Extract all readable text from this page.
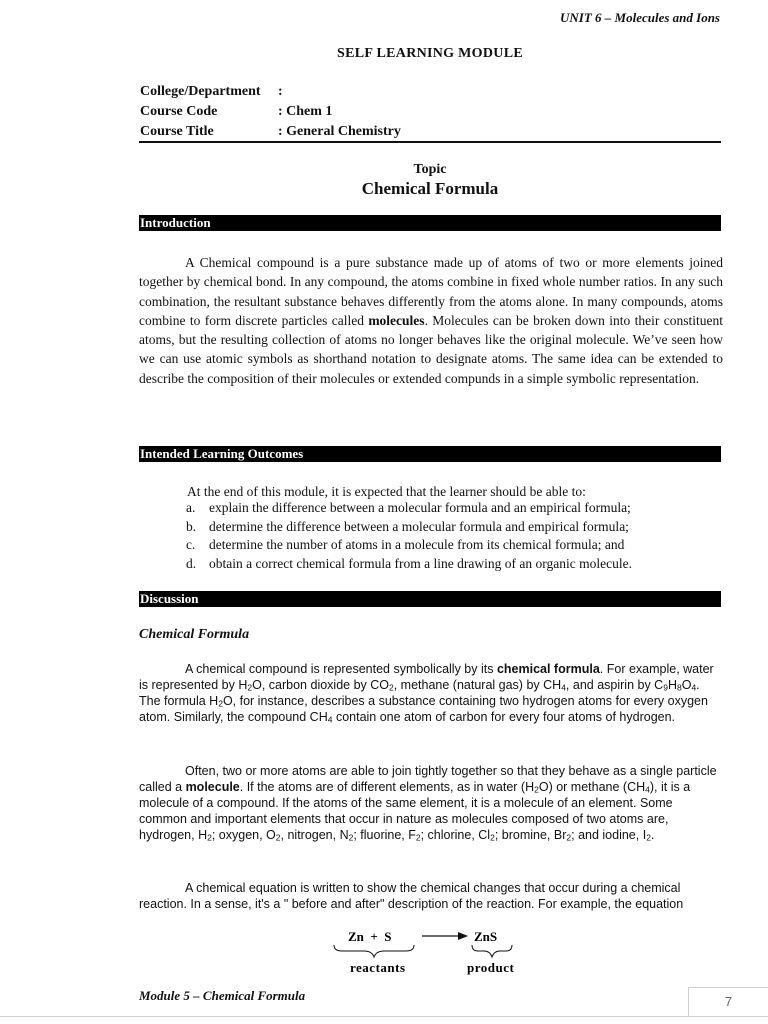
UNIT 6 – Molecules and Ions
SELF LEARNING MODULE
College/Department :
Course Code	: Chem 1
Course Title	: General Chemistry
Topic
Chemical Formula
Introduction
A Chemical compound is a pure substance made up of atoms of two or more elements joined together by chemical bond. In any compound, the atoms combine in fixed whole number ratios. In any such combination, the resultant substance behaves differently from the atoms alone. In many compounds, atoms combine to form discrete particles called molecules. Molecules can be broken down into their constituent atoms, but the resulting collection of atoms no longer behaves like the original molecule. We’ve seen how we can use atomic symbols as shorthand notation to designate atoms. The same idea can be extended to describe the composition of their molecules or extended compunds in a simple symbolic representation.
Intended Learning Outcomes
At the end of this module, it is expected that the learner should be able to:
a. explain the difference between a molecular formula and an empirical formula;
b. determine the difference between a molecular formula and empirical formula;
c. determine the number of atoms in a molecule from its chemical formula; and
d. obtain a correct chemical formula from a line drawing of an organic molecule.
Discussion
Chemical Formula
A chemical compound is represented symbolically by its chemical formula. For example, water is represented by $H_2O$, carbon dioxide by $CO_2$, methane (natural gas) by $CH_4$, and aspirin by $C_9H_8O_4$. The formula $H_2O$, for instance, describes a substance containing two hydrogen atoms for every oxygen atom. Similarly, the compound $CH_4$ contain one atom of carbon for every four atoms of hydrogen.
Often, two or more atoms are able to join tightly together so that they behave as a single particle called a molecule. If the atoms are of different elements, as in water $(H_2O)$ or methane $(CH_4)$, it is a molecule of a compound. If the atoms of the same element, it is a molecule of an element. Some common and important elements that occur in nature as molecules composed of two atoms are, hydrogen, $H_2$; oxygen, $O_2$, nitrogen, $N_2$; fluorine, $F_2$; chlorine, $Cl_2$; bromine, $Br_2$; and iodine, $I_2$.
A chemical equation is written to show the chemical changes that occur during a chemical reaction. In a sense, it's a " before and after" description of the reaction. For example, the equation
Zn  +  S	ZnS
reactants	product
Module 5 – Chemical Formula	7
